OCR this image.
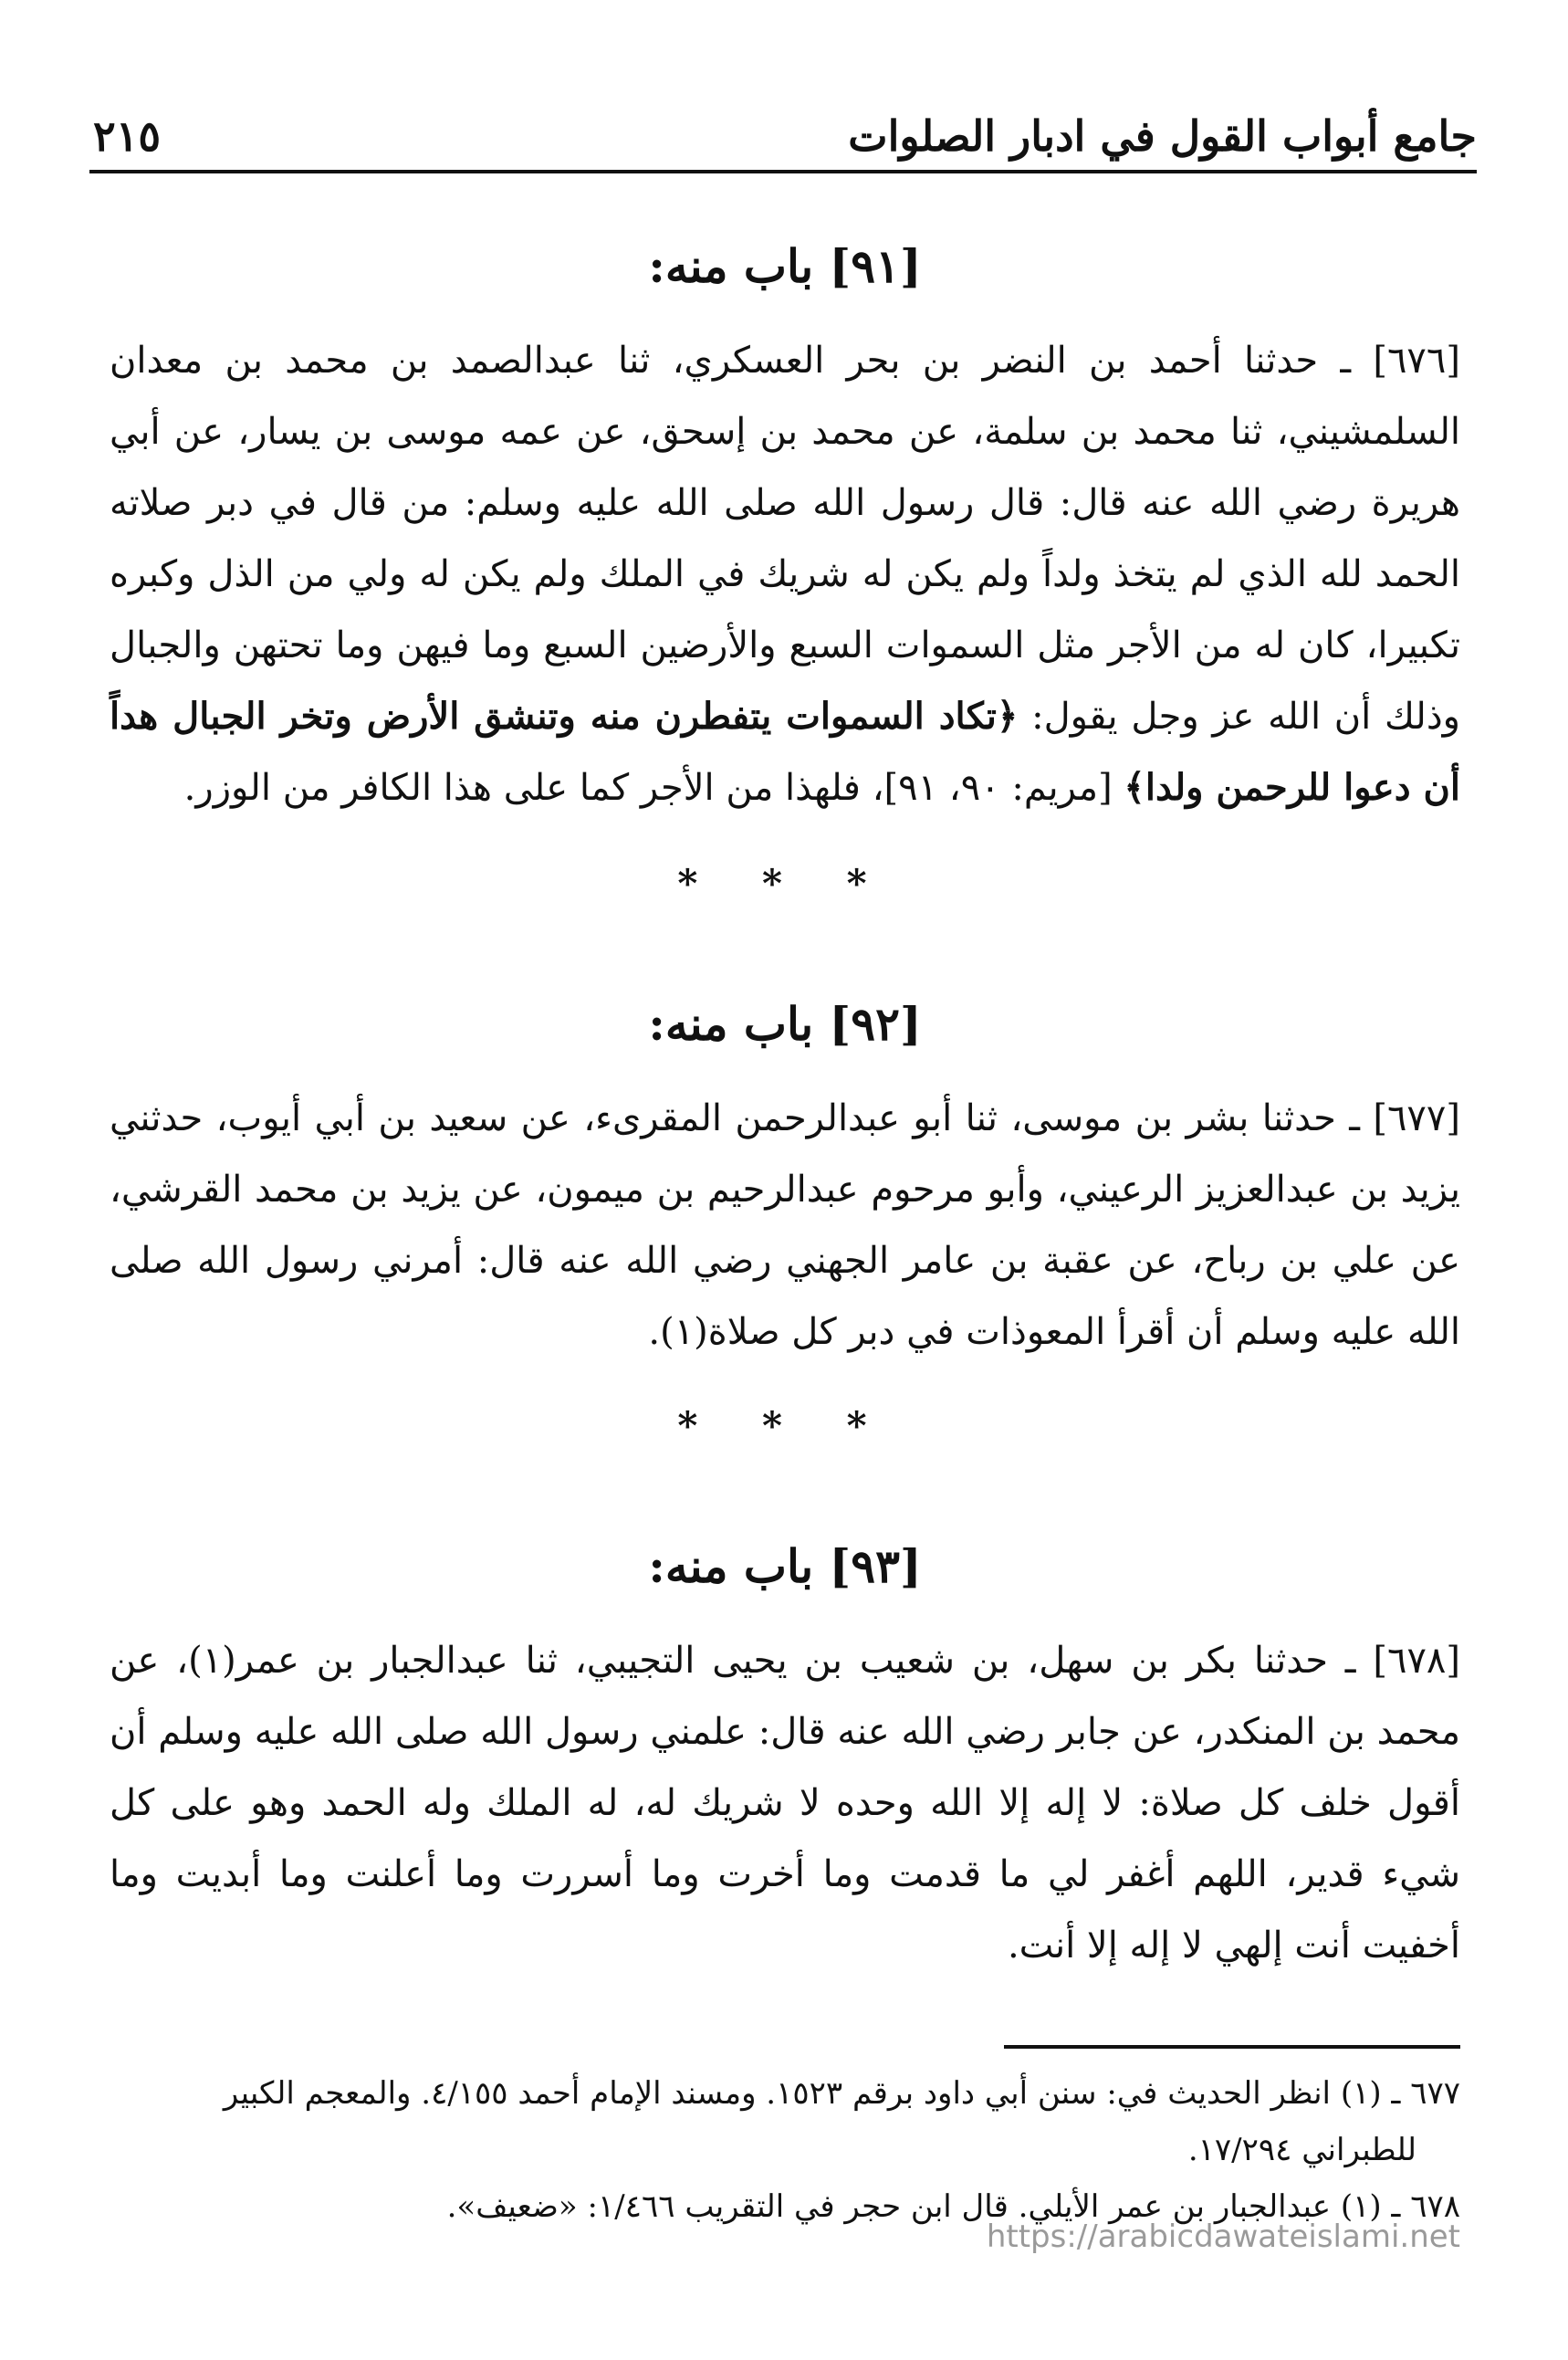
جامع أبواب القول في ادبار الصلوات
٢١٥
[٩١] باب منه:

[٦٧٦] ـ حدثنا أحمد بن النضر بن بحر العسكري، ثنا عبدالصمد بن محمد بن معدان السلمشيني، ثنا محمد بن سلمة، عن محمد بن إسحق، عن عمه موسى بن يسار، عن أبي هريرة رضي الله عنه قال: قال رسول الله صلى الله عليه وسلم: من قال في دبر صلاته الحمد لله الذي لم يتخذ ولداً ولم يكن له شريك في الملك ولم يكن له ولي من الذل وكبره تكبيرا، كان له من الأجر مثل السموات السبع والأرضين السبع وما فيهن وما تحتهن والجبال وذلك أن الله عز وجل يقول: ﴿تكاد السموات يتفطرن منه وتنشق الأرض وتخر الجبال هداً أن دعوا للرحمن ولدا﴾ [مريم: ٩٠، ٩١]، فلهذا من الأجر كما على هذا الكافر من الوزر.

* * *
[٩٢] باب منه:

[٦٧٧] ـ حدثنا بشر بن موسى، ثنا أبو عبدالرحمن المقرىء، عن سعيد بن أبي أيوب، حدثني يزيد بن عبدالعزيز الرعيني، وأبو مرحوم عبدالرحيم بن ميمون، عن يزيد بن محمد القرشي، عن علي بن رباح، عن عقبة بن عامر الجهني رضي الله عنه قال: أمرني رسول الله صلى الله عليه وسلم أن أقرأ المعوذات في دبر كل صلاة(١).

* * *
[٩٣] باب منه:

[٦٧٨] ـ حدثنا بكر بن سهل، بن شعيب بن يحيى التجيبي، ثنا عبدالجبار بن عمر(١)، عن محمد بن المنكدر، عن جابر رضي الله عنه قال: علمني رسول الله صلى الله عليه وسلم أن أقول خلف كل صلاة: لا إله إلا الله وحده لا شريك له، له الملك وله الحمد وهو على كل شيء قدير، اللهم أغفر لي ما قدمت وما أخرت وما أسررت وما أعلنت وما أبديت وما أخفيت أنت إلهي لا إله إلا أنت.

٦٧٧ ـ (١) انظر الحديث في: سنن أبي داود برقم ١٥٢٣. ومسند الإمام أحمد ٤/١٥٥. والمعجم الكبير

للطبراني ١٧/٢٩٤.

٦٧٨ ـ (١) عبدالجبار بن عمر الأيلي. قال ابن حجر في التقريب ١/٤٦٦: «ضعيف».

https://arabicdawateislami.net
